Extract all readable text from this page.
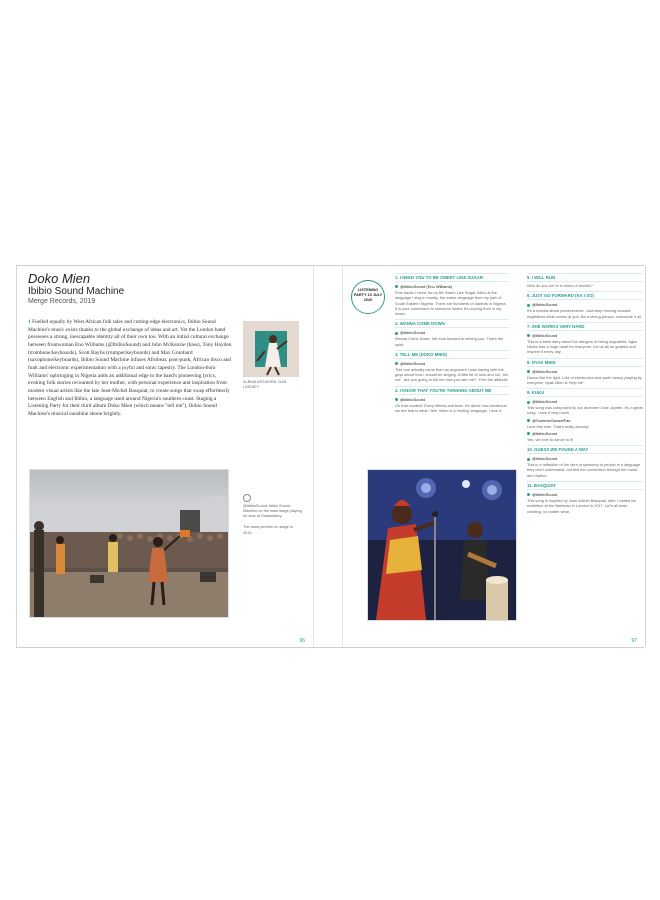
Doko Mien
Ibibio Sound Machine
Merge Records, 2019

1 Fuelled equally by West African folk tales and cutting-edge electronics, Ibibio Sound Machine's music exists thanks to the global exchange of ideas and art. Yet the London band possesses a strong, inescapable identity all of their own too. With an initial cultural exchange between frontwoman Eno Williams (@IbibioSound) and John McKenzie (bass), Tony Hayden (trombone/keyboards), Scott Baylis (trumpet/keyboards) and Max Grunhard (saxophone/keyboards), Ibibio Sound Machine infuses Afrobeat, post-punk, African disco and funk and electronic experimentation with a joyful and sonic tapestry. The London-born Williams' upbringing in Nigeria adds an additional edge to the band's pioneering lyrics, evoking folk stories recounted by her mother, with personal experience and inspiration from modern visual artists like the late Jean-Michel Basquiat, to create songs that swap effortlessly between English and Ibibio, a language used around Nigeria's southern coast. Staging a Listening Party for their third album Doko Mien (which means "tell me"), Ibibio Sound Machine's musical sunshine shone brightly.

ALBUM ARTWORK: DAN LINDSEY

@IbibioSound: Ibibio Sound Machine on the main stage playing for fans at Glastonbury.

The band perform on stage in 2019.

96
LISTENING PARTY 15 JULY 2020
1. I NEED YOU TO BE SWEET LIKE SUGAR
@IbibioSound (Eno Williams)
First tracks I need You to Be Sweet Like Sugar. Ibibio is the language I sing in mostly, the native language from my part of South Eastern Nigeria. There are hundreds of dialects in Nigeria. It is your connection to someone where it's coming from in my music.
2. WANNA COME DOWN
@IbibioSound
Wanna Come Down, We look forward to seeing you. That's the spirit.
3. TELL ME (DOKO MIEN)
@IbibioSound
This one actually came from an argument I was having with the guys about how I should be singing. A little bit of rock and roll, 'tell me', 'are you going to tell me how you see me?'. Feel the attitude!
4. I KNOW THAT YOU'RE THINKING ABOUT ME
@IbibioSound
Oh that cowbell! Every effects and beat. It's about how emotional we are that is what I feel. Ibibio is a 'feeling' language. I love it.
5. I WILL RUN
Who do you run to in times of trouble?
6. JUST GO FORWARD (KA I SO)
@IbibioSound
It's a mantra about perseverance. Just keep moving forward, regardless what comes at you. Be a strong person, overcome it all.
7. SHE WORKS VERY HARD
@IbibioSound
This is a fable story about the dangers of being ungrateful. Agbo Nkoko has a huge heart for everyone. Let us all be grateful and respect it every day.
8. NYAK MIEN
@IbibioSound
Dance like the light. Lots of electronica and synth-heavy playing by everyone. Nyak Mien is 'help me'.
9. KUKU
@IbibioSound
This song was composed by our drummer Jose Joyette. It's a great song. I love it very much.
@SummerSunsetFan
Love this tune. That's really dancey!
@IbibioSound
Yes, we love to dance to it!
10. GUESS WE FOUND A WAY
@IbibioSound
This is a reflection of the idea of speaking to people in a language they don't understand, but feel the connection through the music and rhythm.
11. BASQUIAT
@IbibioSound
This song is inspired by Jean-Michel Basquiat, after I visited his exhibition at the Barbican in London in 2017. Let's all keep creating, no matter what.
97
